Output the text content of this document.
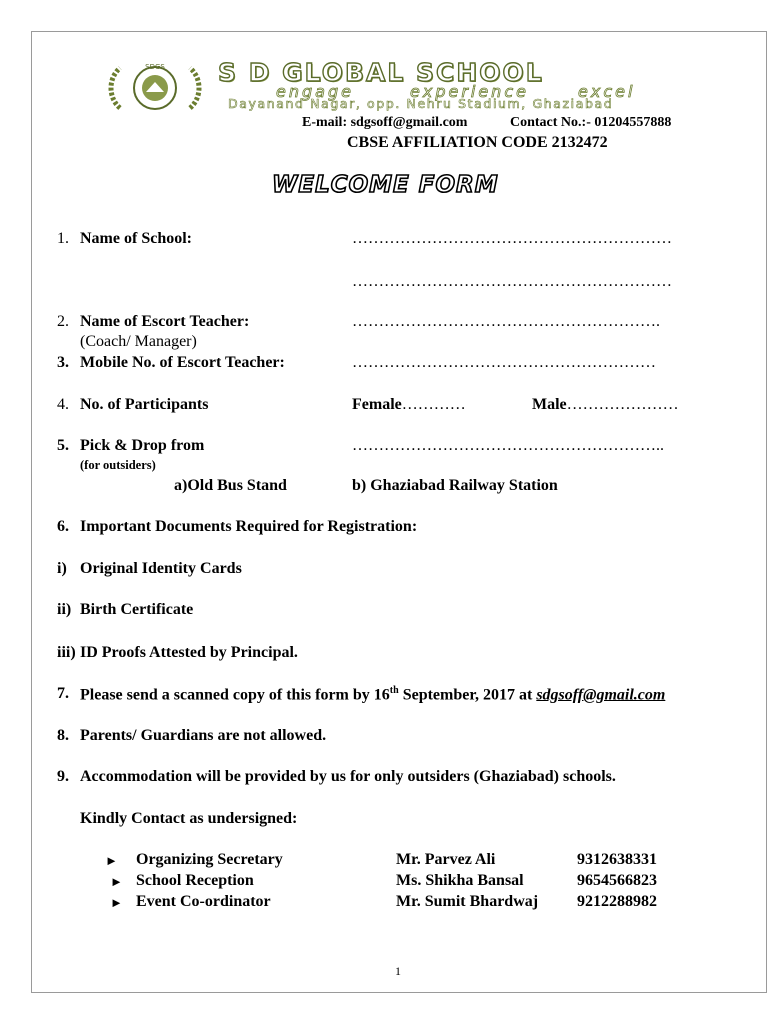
SDGS S D GLOBAL SCHOOL
engage	experience	excel
Dayanand Nagar, opp. Nehru Stadium, Ghaziabad
E-mail: sdgsoff@gmail.com	Contact No.:- 01204557888
CBSE AFFILIATION CODE 2132472
WELCOME FORM
1. Name of School:	……………………………………………………
……………………………………………………
2. Name of Escort Teacher:
(Coach/ Manager)
………………………………………………….
3. Mobile No. of Escort Teacher:	…………………………………………………
4. No. of Participants	Female…………	Male…………………
5. Pick & Drop from	…………………………………………………..
(for outsiders)
a)Old Bus Stand	b) Ghaziabad Railway Station
6. Important Documents Required for Registration:
i) Original Identity Cards
ii) Birth Certificate
iii) ID Proofs Attested by Principal.
7. Please send a scanned copy of this form by 16th September, 2017 at sdgsoff@gmail.com
8. Parents/ Guardians are not allowed.
9. Accommodation will be provided by us for only outsiders (Ghaziabad) schools.
Kindly Contact as undersigned:
► Organizing Secretary	Mr. Parvez Ali	9312638331
► School Reception	Ms. Shikha Bansal	9654566823
► Event Co-ordinator	Mr. Sumit Bhardwaj 9212288982
1
